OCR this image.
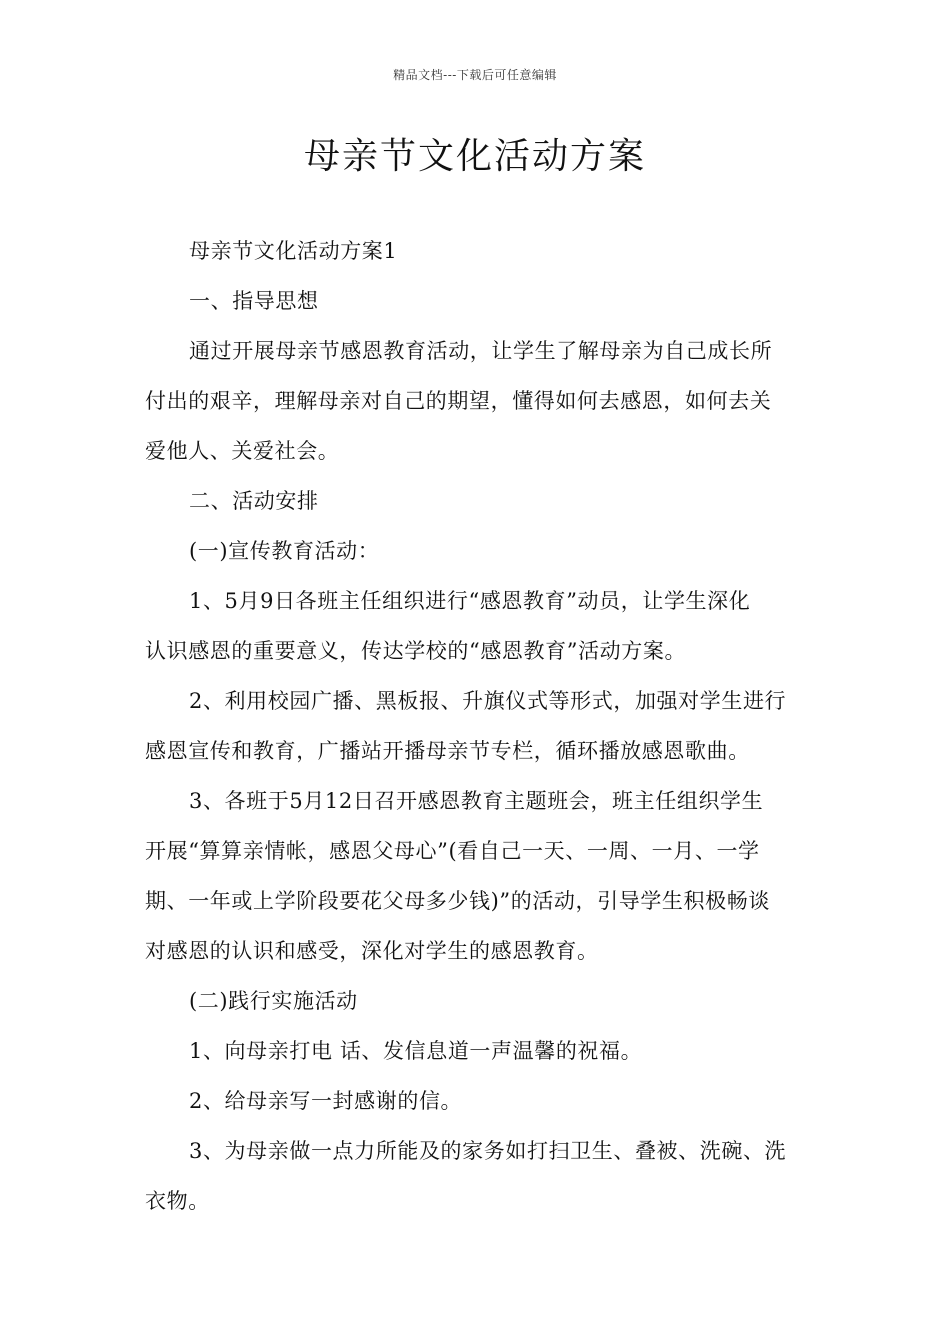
精品文档---下载后可任意编辑
母亲节文化活动方案
母亲节文化活动方案1
一、指导思想
通过开展母亲节感恩教育活动，让学生了解母亲为自己成长所
付出的艰辛，理解母亲对自己的期望，懂得如何去感恩，如何去关
爱他人、关爱社会。
二、活动安排
(一)宣传教育活动：
1、5月9日各班主任组织进行“感恩教育”动员，让学生深化
认识感恩的重要意义，传达学校的“感恩教育”活动方案。
2、利用校园广播、黑板报、升旗仪式等形式，加强对学生进行
感恩宣传和教育，广播站开播母亲节专栏，循环播放感恩歌曲。
3、各班于5月12日召开感恩教育主题班会，班主任组织学生
开展“算算亲情帐，感恩父母心”(看自己一天、一周、一月、一学
期、一年或上学阶段要花父母多少钱)”的活动，引导学生积极畅谈
对感恩的认识和感受，深化对学生的感恩教育。
(二)践行实施活动
1、向母亲打电 话、发信息道一声温馨的祝福。
2、给母亲写一封感谢的信。
3、为母亲做一点力所能及的家务如打扫卫生、叠被、洗碗、洗
衣物。
